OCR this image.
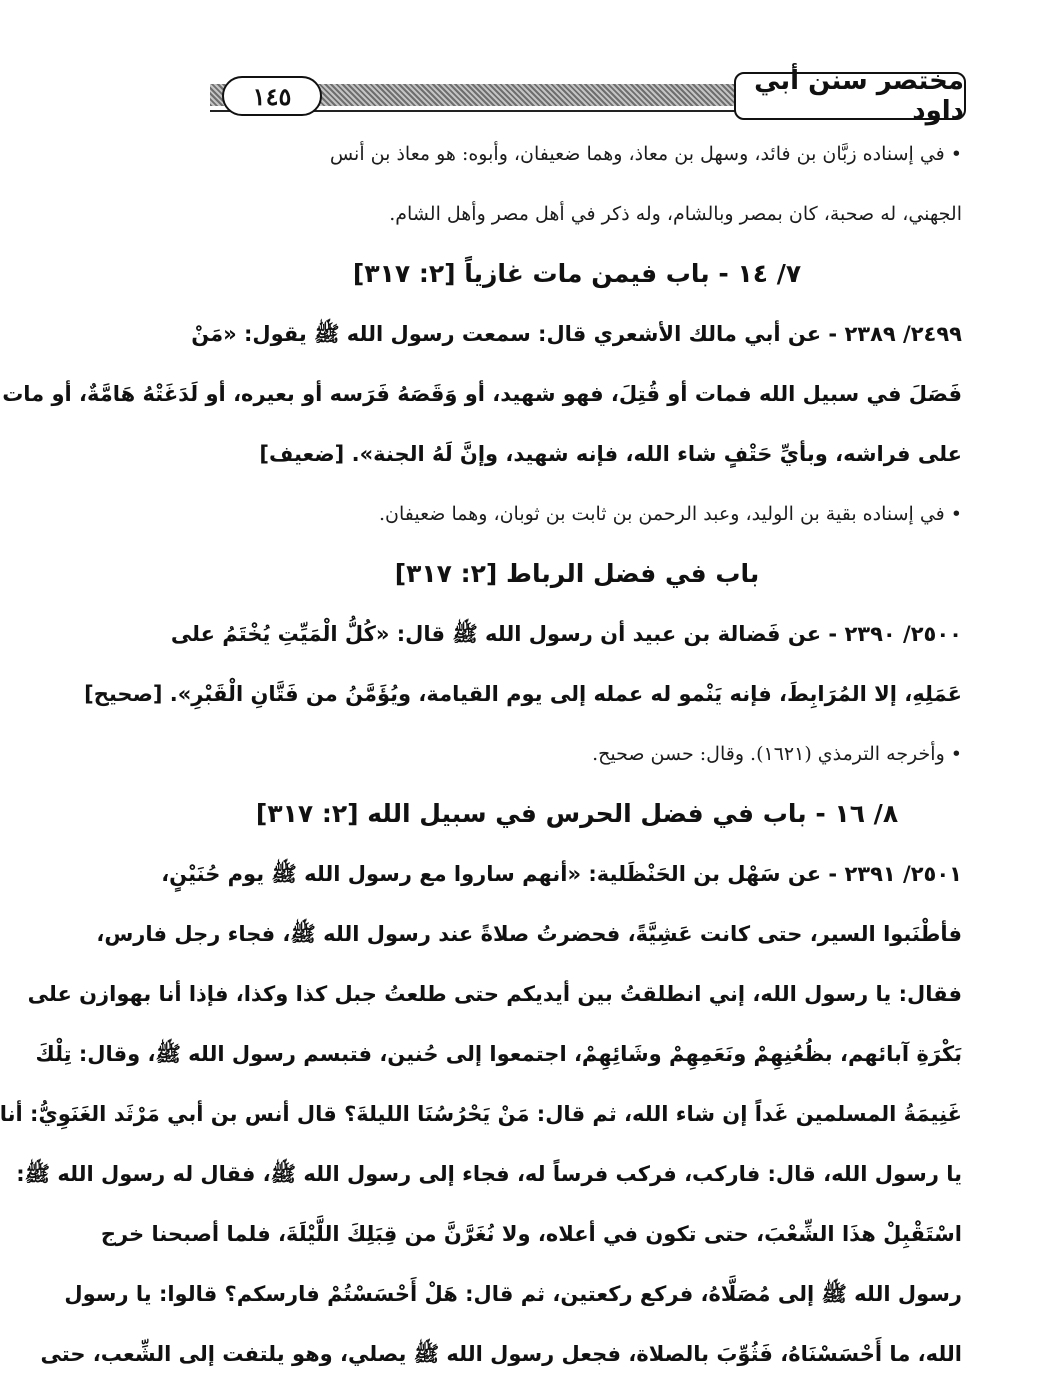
١٤٥	مختصر سنن أبي داود
• في إسناده زبَّان بن فائد، وسهل بن معاذ، وهما ضعيفان، وأبوه: هو معاذ بن أنس
الجهني، له صحبة، كان بمصر وبالشام، وله ذكر في أهل مصر وأهل الشام.
٧/ ١٤ - باب فيمن مات غازياً [٢: ٣١٧]
٢٤٩٩/ ٢٣٨٩ - عن أبي مالك الأشعري قال: سمعت رسول الله ﷺ يقول: «مَنْ
فَصَلَ في سبيل الله فمات أو قُتِلَ، فهو شهيد، أو وَقَصَهُ فَرَسه أو بعيره، أو لَدَغَتْهُ هَامَّةٌ، أو مات
على فراشه، وبأيِّ حَتْفٍ شاء الله، فإنه شهيد، وإنَّ لَهُ الجنة». [ضعيف]
• في إسناده بقية بن الوليد، وعبد الرحمن بن ثابت بن ثوبان، وهما ضعيفان.
باب في فضل الرباط [٢: ٣١٧]
٢٥٠٠/ ٢٣٩٠ - عن فَضالة بن عبيد أن رسول الله ﷺ قال: «كُلُّ الْمَيِّتِ يُخْتَمُ على
عَمَلِهِ، إلا المُرَابِطَ، فإنه يَنْمو له عمله إلى يوم القيامة، ويُؤَمَّنُ من فَتَّانِ الْقَبْرِ». [صحيح]
• وأخرجه الترمذي (١٦٢١). وقال: حسن صحيح.
٨/ ١٦ - باب في فضل الحرس في سبيل الله [٢: ٣١٧]
٢٥٠١/ ٢٣٩١ - عن سَهْل بن الحَنْظَلية: «أنهم ساروا مع رسول الله ﷺ يوم حُنَيْنٍ،
فأطْنَبوا السير، حتى كانت عَشِيَّةً، فحضرتُ صلاةً عند رسول الله ﷺ، فجاء رجل فارس،
فقال: يا رسول الله، إني انطلقتُ بين أيديكم حتى طلعتُ جبل كذا وكذا، فإذا أنا بهوازن على
بَكْرَةِ آبائهم، بظُعُنِهِمْ ونَعَمِهِمْ وشَائِهِمْ، اجتمعوا إلى حُنين، فتبسم رسول الله ﷺ، وقال: تِلْكَ
غَنِيمَةُ المسلمين غَداً إن شاء الله، ثم قال: مَنْ يَحْرُسُنَا الليلةَ؟ قال أنس بن أبي مَرْثَد الغَنَوِيُّ: أنا
يا رسول الله، قال: فاركب، فركب فرساً له، فجاء إلى رسول الله ﷺ، فقال له رسول الله ﷺ:
اسْتَقْبِلْ هذَا الشِّعْبَ، حتى تكون في أعلاه، ولا نُغَرَّنَّ من قِبَلِكَ اللَّيْلَةَ، فلما أصبحنا خرج
رسول الله ﷺ إلى مُصَلَّاهُ، فركع ركعتين، ثم قال: هَلْ أَحْسَسْتُمْ فارسكم؟ قالوا: يا رسول
الله، ما أَحْسَسْنَاهُ، فَثُوِّبَ بالصلاة، فجعل رسول الله ﷺ يصلي، وهو يلتفت إلى الشِّعب، حتى
